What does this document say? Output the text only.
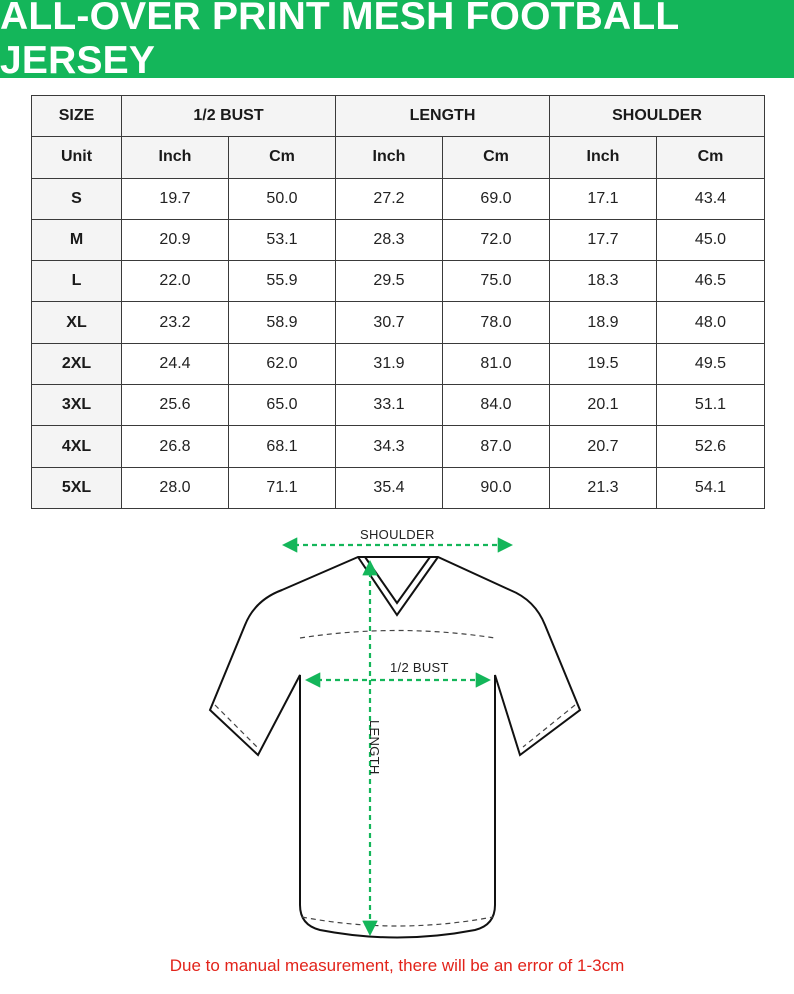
ALL-OVER PRINT MESH FOOTBALL JERSEY
SIZE	1/2 BUST		LENGTH		SHOULDER	
Unit	Inch	Cm	Inch	Cm	Inch	Cm
S	19.7	50.0	27.2	69.0	17.1	43.4
M	20.9	53.1	28.3	72.0	17.7	45.0
L	22.0	55.9	29.5	75.0	18.3	46.5
XL	23.2	58.9	30.7	78.0	18.9	48.0
2XL	24.4	62.0	31.9	81.0	19.5	49.5
3XL	25.6	65.0	33.1	84.0	20.1	51.1
4XL	26.8	68.1	34.3	87.0	20.7	52.6
5XL	28.0	71.1	35.4	90.0	21.3	54.1
SHOULDER
1/2 BUST
LENGTH
Due to manual measurement, there will be an error of 1-3cm
